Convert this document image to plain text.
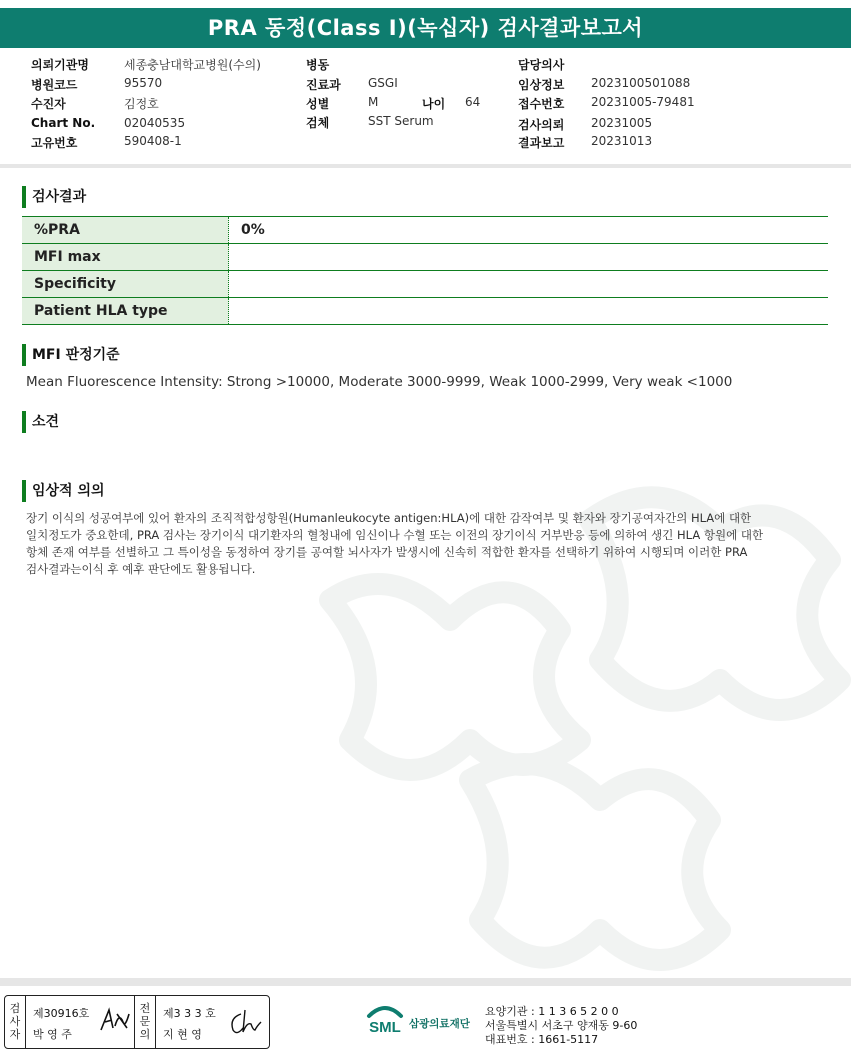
PRA 동정(Class I)(녹십자) 검사결과보고서
의뢰기관명	세종충남대학교병원(수의)
병원코드	95570
수진자	김정호
Chart No. 02040535
고유번호	590408-1
병동
진료과 GSGI
성별	M	나이 64
검체	SST Serum
담당의사
임상정보 2023100501088
접수번호 20231005-79481
검사의뢰 20231005
결과보고 20231013
검사결과
%PRA	0%
MFI max	
Specificity	
Patient HLA type	
MFI 판정기준
Mean Fluorescence Intensity: Strong >10000, Moderate 3000-9999, Weak 1000-2999, Very weak <1000
소견
임상적 의의
장기 이식의 성공여부에 있어 환자의 조직적합성항원(Humanleukocyte antigen:HLA)에 대한 감작여부 및 환자와 장기공여자간의 HLA에 대한
일치정도가 중요한데, PRA 검사는 장기이식 대기환자의 혈청내에 임신이나 수혈 또는 이전의 장기이식 거부반응 등에 의하여 생긴 HLA 항원에 대한
항체 존재 여부를 선별하고 그 특이성을 동정하여 장기를 공여할 뇌사자가 발생시에 신속히 적합한 환자를 선택하기 위하여 시행되며 이러한 PRA
검사결과는이식 후 예후 판단에도 활용됩니다.
검사자
제30916호
박 영 주
전문의
제3 3 3 호
지 현 영	SML 삼광의료재단
요양기관 : 1 1 3 6 5 2 0 0
서울특별시 서초구 양재동 9-60
대표번호 : 1661-5117
